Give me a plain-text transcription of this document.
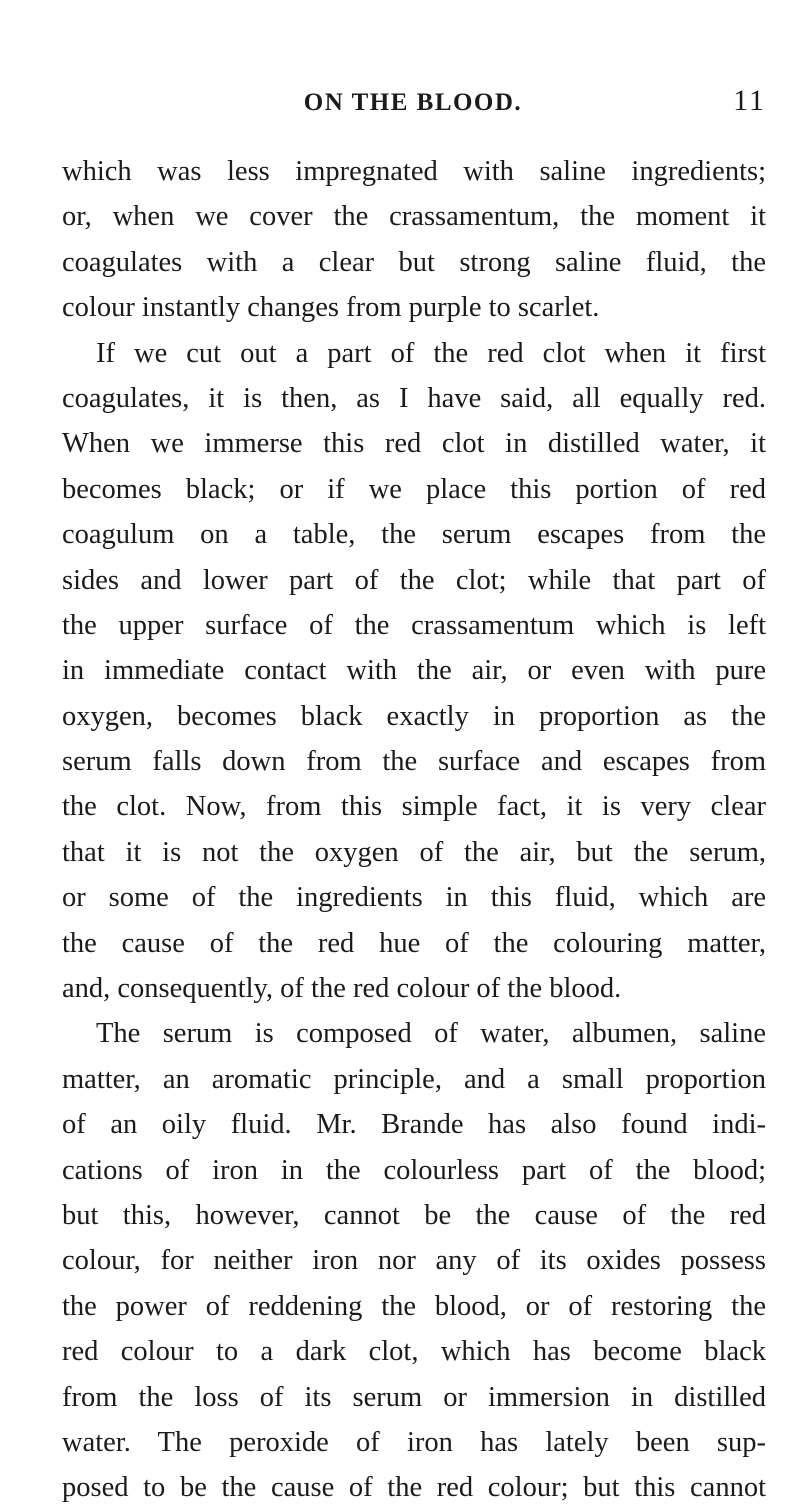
ON THE BLOOD.	11
which was less impregnated with saline ingredients;
or, when we cover the crassamentum, the moment it
coagulates with a clear but strong saline fluid, the
colour instantly changes from purple to scarlet.
If we cut out a part of the red clot when it first
coagulates, it is then, as I have said, all equally red.
When we immerse this red clot in distilled water, it
becomes black; or if we place this portion of red
coagulum on a table, the serum escapes from the
sides and lower part of the clot; while that part of
the upper surface of the crassamentum which is left
in immediate contact with the air, or even with pure
oxygen, becomes black exactly in proportion as the
serum falls down from the surface and escapes from
the clot. Now, from this simple fact, it is very clear
that it is not the oxygen of the air, but the serum,
or some of the ingredients in this fluid, which are
the cause of the red hue of the colouring matter,
and, consequently, of the red colour of the blood.
The serum is composed of water, albumen, saline
matter, an aromatic principle, and a small proportion
of an oily fluid. Mr. Brande has also found indi-
cations of iron in the colourless part of the blood;
but this, however, cannot be the cause of the red
colour, for neither iron nor any of its oxides possess
the power of reddening the blood, or of restoring the
red colour to a dark clot, which has become black
from the loss of its serum or immersion in distilled
water. The peroxide of iron has lately been sup-
posed to be the cause of the red colour; but this cannot
